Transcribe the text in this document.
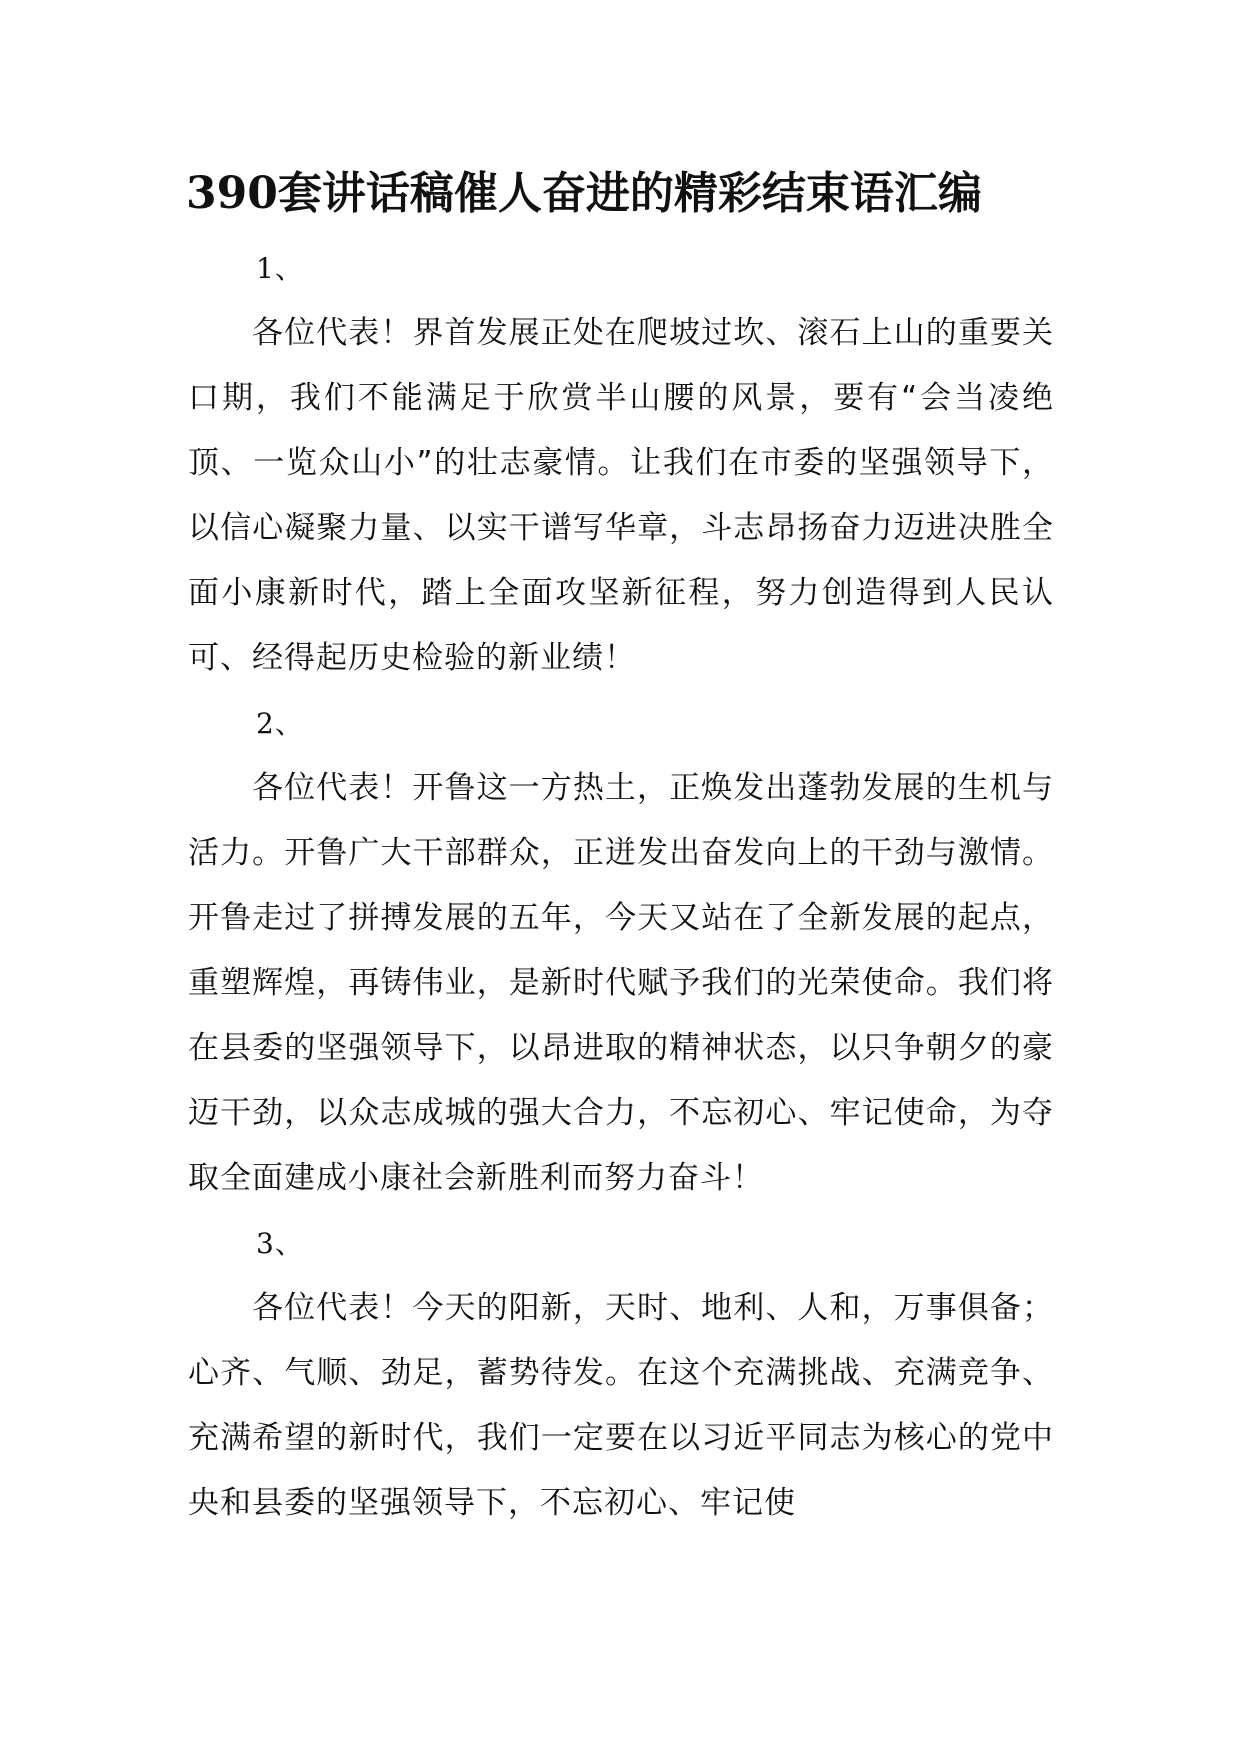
390套讲话稿催人奋进的精彩结束语汇编

1、

各位代表！界首发展正处在爬坡过坎、滚石上山的重要关口期，我们不能满足于欣赏半山腰的风景，要有“会当凌绝顶、一览众山小”的壮志豪情。让我们在市委的坚强领导下，以信心凝聚力量、以实干谱写华章，斗志昂扬奋力迈进决胜全面小康新时代，踏上全面攻坚新征程，努力创造得到人民认可、经得起历史检验的新业绩！

2、

各位代表！开鲁这一方热土，正焕发出蓬勃发展的生机与活力。开鲁广大干部群众，正迸发出奋发向上的干劲与激情。开鲁走过了拼搏发展的五年，今天又站在了全新发展的起点，重塑辉煌，再铸伟业，是新时代赋予我们的光荣使命。我们将在县委的坚强领导下，以昂进取的精神状态，以只争朝夕的豪迈干劲，以众志成城的强大合力，不忘初心、牢记使命，为夺取全面建成小康社会新胜利而努力奋斗！

3、

各位代表！今天的阳新，天时、地利、人和，万事俱备；心齐、气顺、劲足，蓄势待发。在这个充满挑战、充满竞争、充满希望的新时代，我们一定要在以习近平同志为核心的党中央和县委的坚强领导下，不忘初心、牢记使
